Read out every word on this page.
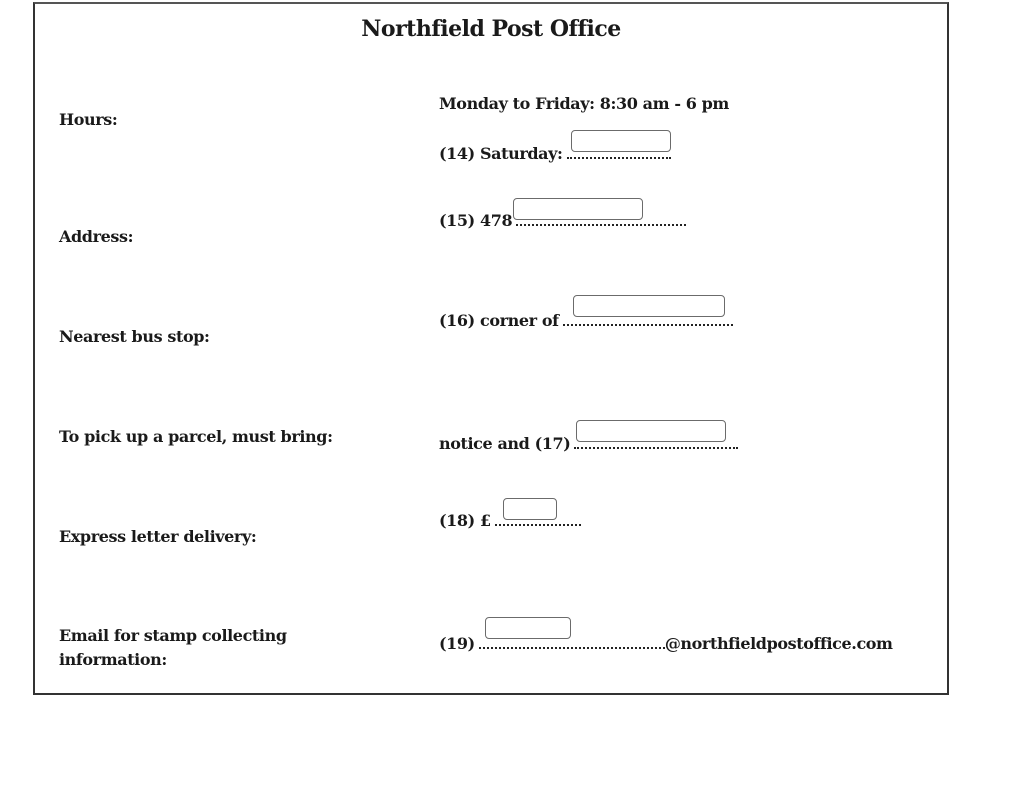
Northfield Post Office
Hours:
Monday to Friday: 8:30 am - 6 pm
(14) Saturday:
Address:
(15) 478
Nearest bus stop:
(16) corner of
To pick up a parcel, must bring:	notice and (17)
Express letter delivery:
(18) £
Email for stamp collecting information:
(19)	@northfieldpostoffice.com
